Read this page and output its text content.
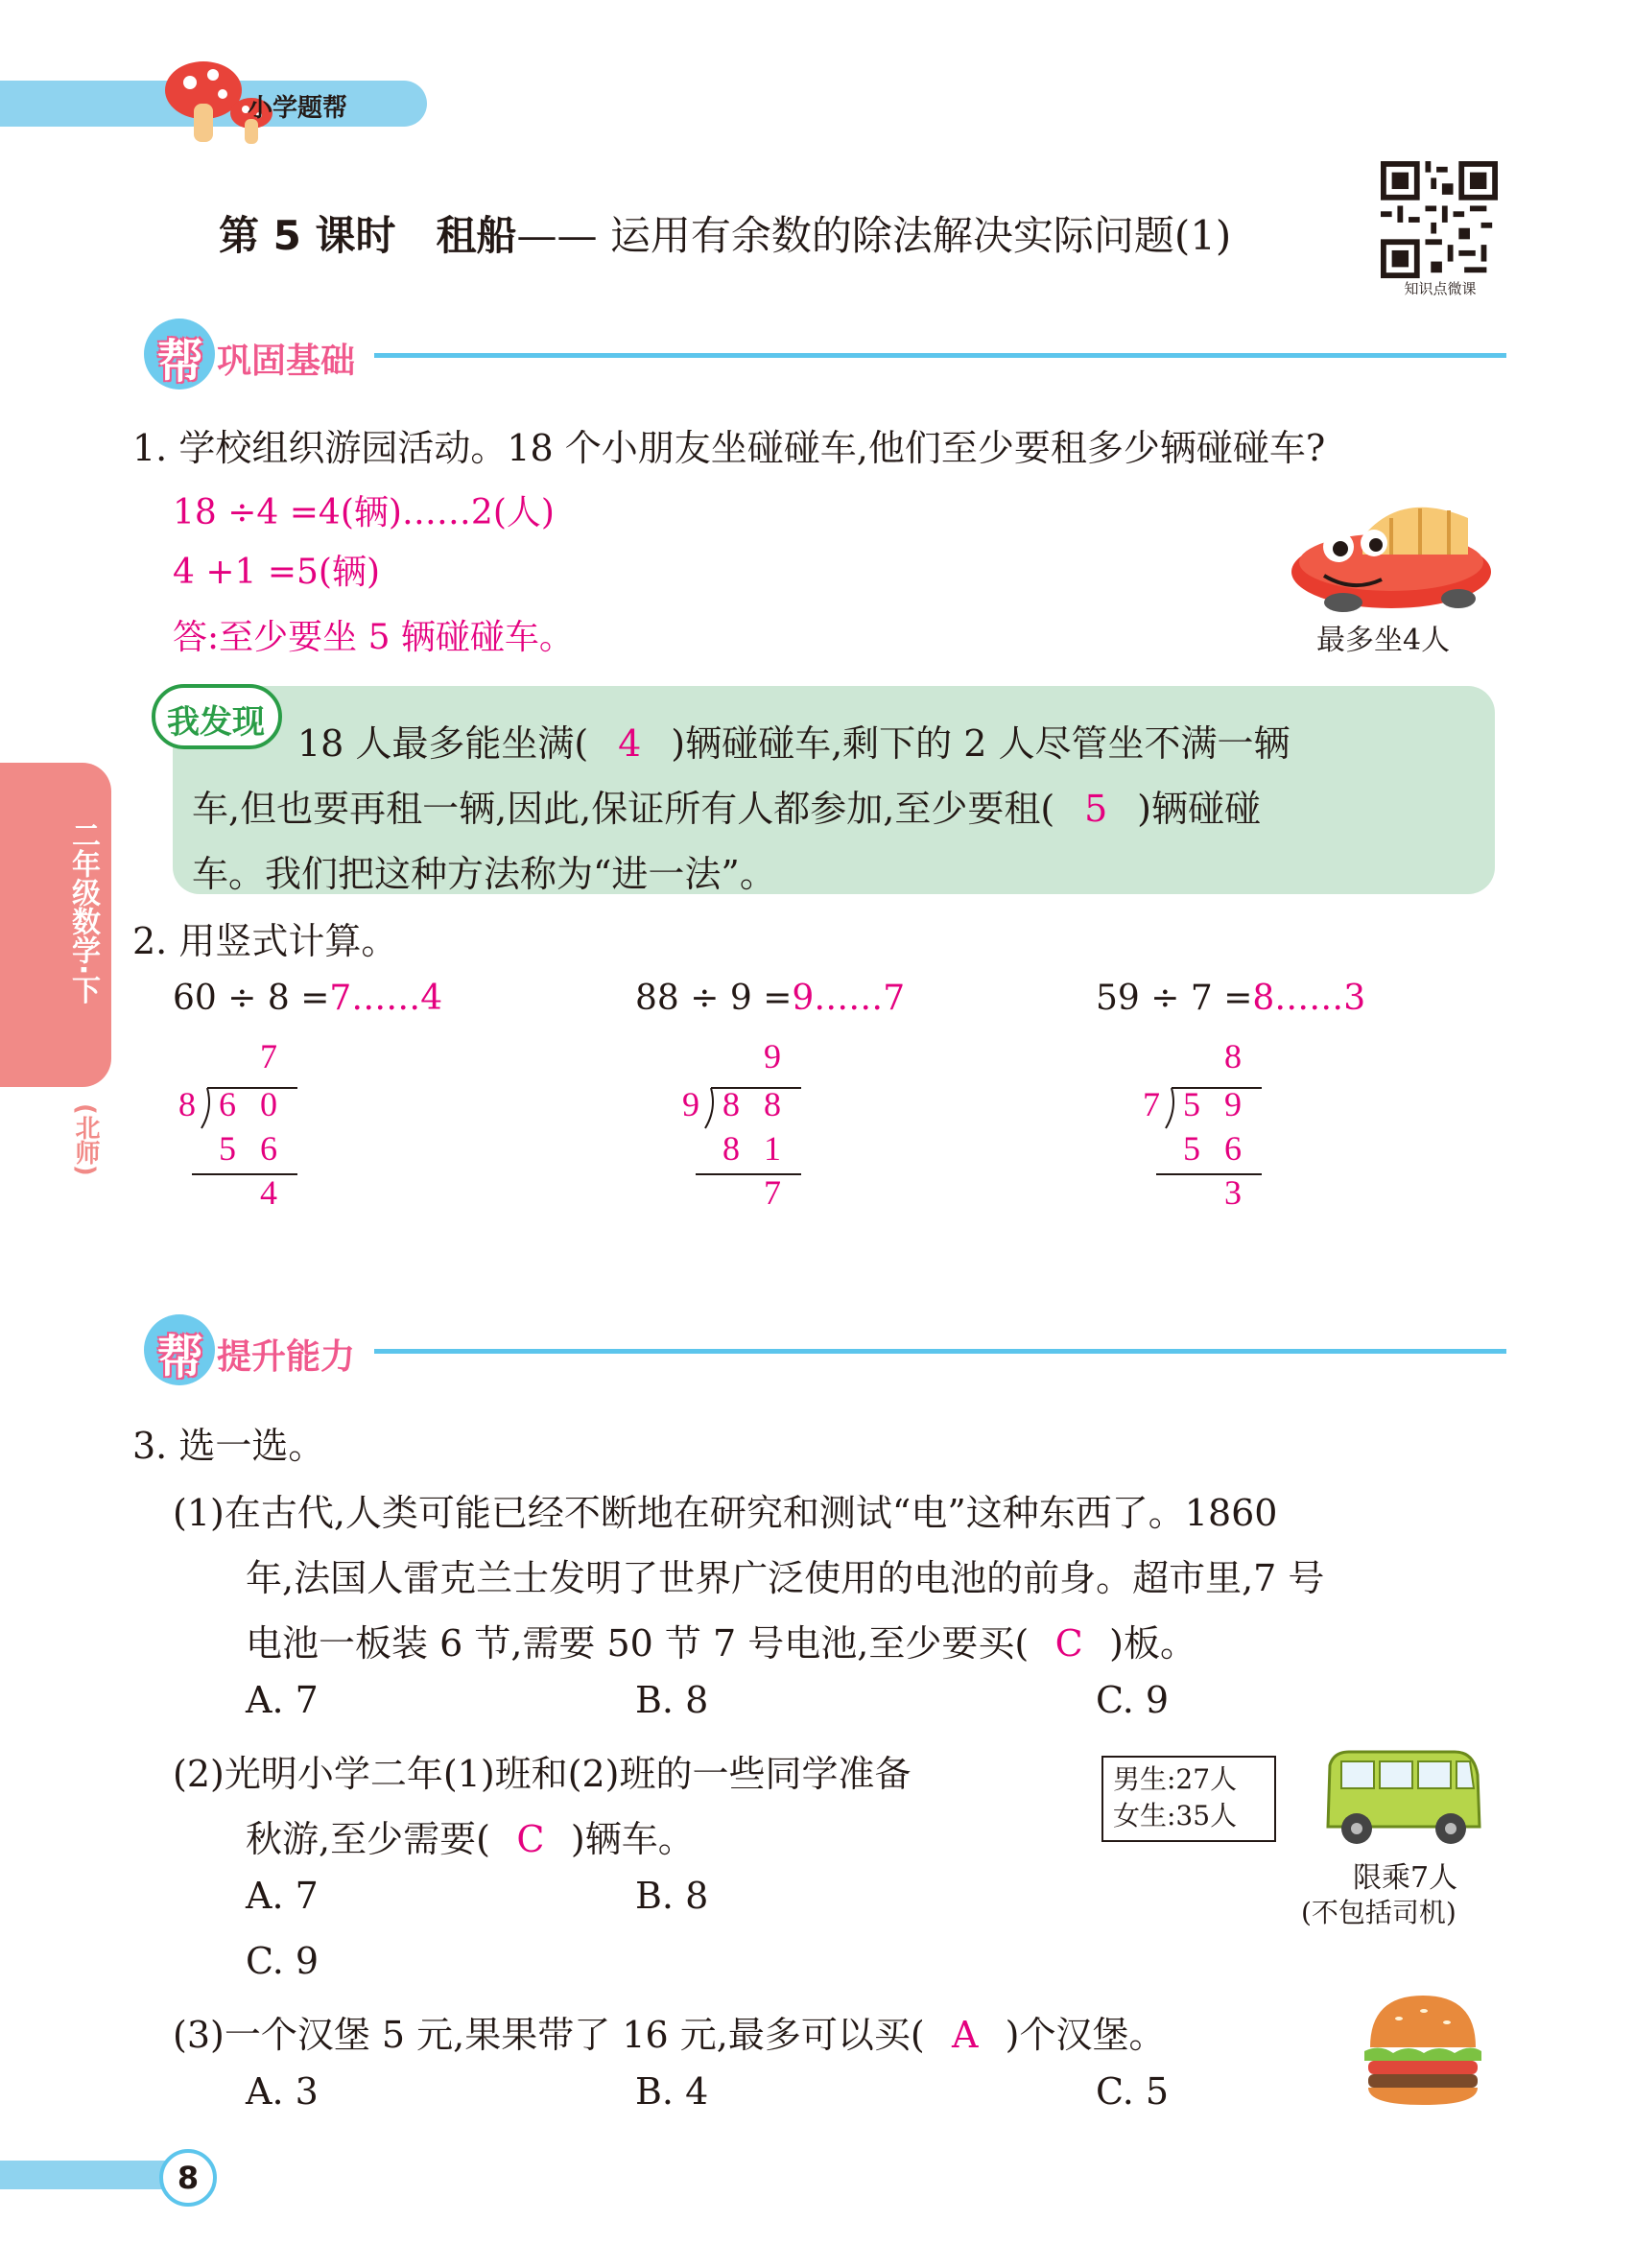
小学题帮
第 5 课时　租船—— 运用有余数的除法解决实际问题(1)
知识点微课
二年级数学·下
(北师)
帮 巩固基础
1. 学校组织游园活动。18 个小朋友坐碰碰车,他们至少要租多少辆碰碰车?
18 ÷4 =4(辆)……2(人)
4 +1 =5(辆)
答:至少要坐 5 辆碰碰车。	最多坐4人
我发现 18 人最多能坐满( 4 )辆碰碰车,剩下的 2 人尽管坐不满一辆
车,但也要再租一辆,因此,保证所有人都参加,至少要租( 5 )辆碰碰
车。我们把这种方法称为“进一法”。
2. 用竖式计算。
60 ÷ 8 =7……4
7
8 6 0
5 6
4
88 ÷ 9 =9……7
9
9 8 8
8 1
7
59 ÷ 7 =8……3
8
7 5 9
5 6
3
帮 提升能力
3. 选一选。
(1)在古代,人类可能已经不断地在研究和测试“电”这种东西了。1860
年,法国人雷克兰士发明了世界广泛使用的电池的前身。超市里,7 号
电池一板装 6 节,需要 50 节 7 号电池,至少要买( C )板。
A. 7	B. 8	C. 9
(2)光明小学二年(1)班和(2)班的一些同学准备
秋游,至少需要( C )辆车。
男生:27人
女生:35人
限乘7人
(不包括司机)
A. 7	B. 8
C. 9
(3)一个汉堡 5 元,果果带了 16 元,最多可以买( A )个汉堡。
A. 3	B. 4	C. 5
8
